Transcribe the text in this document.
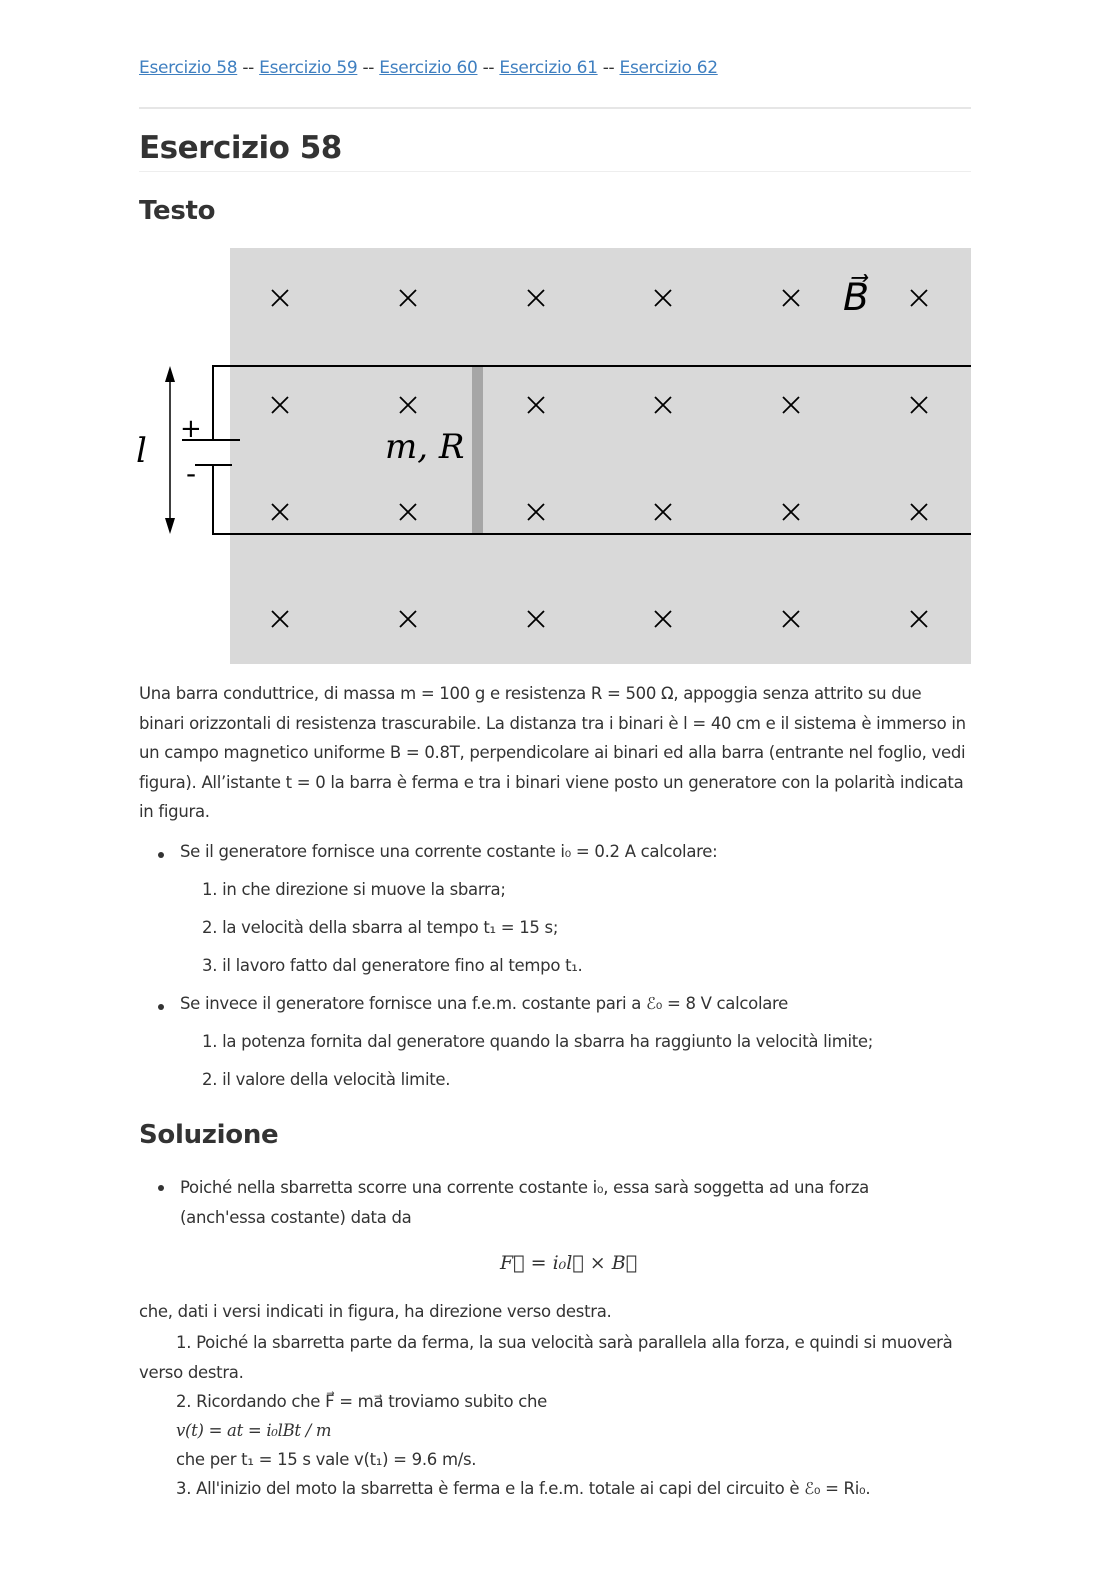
Esercizio 58 -- Esercizio 59 -- Esercizio 60 -- Esercizio 61 -- Esercizio 62
Esercizio 58
Testo
+
-
l	m, R
B⃗
Una barra conduttrice, di massa m = 100 g e resistenza R = 500 Ω, appoggia senza attrito su due binari orizzontali di resistenza trascurabile. La distanza tra i binari è l = 40 cm e il sistema è immerso in un campo magnetico uniforme B = 0.8T, perpendicolare ai binari ed alla barra (entrante nel foglio, vedi figura). All’istante t = 0 la barra è ferma e tra i binari viene posto un generatore con la polarità indicata in figura.
Se il generatore fornisce una corrente costante i₀ = 0.2 A calcolare:
1. in che direzione si muove la sbarra;
2. la velocità della sbarra al tempo t₁ = 15 s;
3. il lavoro fatto dal generatore fino al tempo t₁.
Se invece il generatore fornisce una f.e.m. costante pari a ℰ₀ = 8 V calcolare
1. la potenza fornita dal generatore quando la sbarra ha raggiunto la velocità limite;
2. il valore della velocità limite.
Soluzione
Poiché nella sbarretta scorre una corrente costante i₀, essa sarà soggetta ad una forza (anch'essa costante) data da
F⃗ = i₀l⃗ × B⃗
che, dati i versi indicati in figura, ha direzione verso destra.
1. Poiché la sbarretta parte da ferma, la sua velocità sarà parallela alla forza, e quindi si muoverà verso destra.
2. Ricordando che F⃗ = ma⃗ troviamo subito che
v(t) = at = i₀lBt / m
che per t₁ = 15 s vale v(t₁) = 9.6 m/s.
3. All'inizio del moto la sbarretta è ferma e la f.e.m. totale ai capi del circuito è ℰ₀ = Ri₀.
